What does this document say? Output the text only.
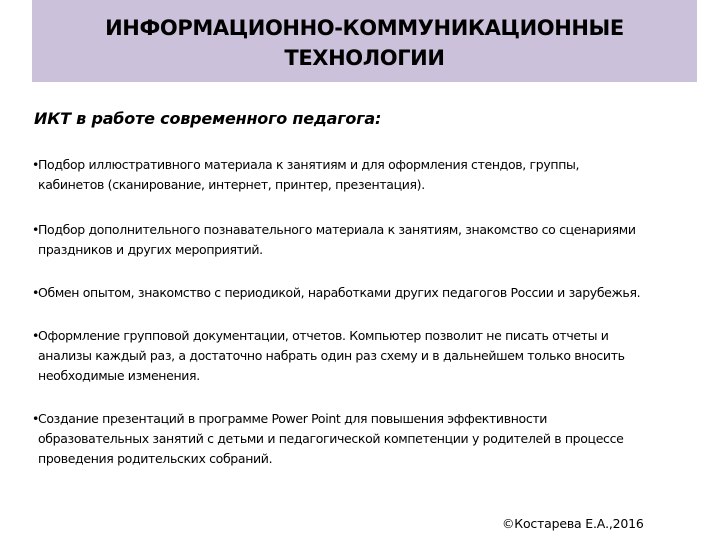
ИНФОРМАЦИОННО-КОММУНИКАЦИОННЫЕ
ТЕХНОЛОГИИ
ИКТ в работе современного педагога:
•
Подбор иллюстративного материала к занятиям и для оформления стендов, группы,
кабинетов (сканирование, интернет, принтер, презентация).
•
Подбор дополнительного познавательного материала к занятиям, знакомство со сценариями
праздников и других мероприятий.
•
Обмен опытом, знакомство с периодикой, наработками других педагогов России и зарубежья.
•
Оформление групповой документации, отчетов. Компьютер позволит не писать отчеты и
анализы каждый раз, а достаточно набрать один раз схему и в дальнейшем только вносить необходимые изменения.
•
Создание презентаций в программе Power Point для повышения эффективности
образовательных занятий с детьми и педагогической компетенции у родителей в процессе проведения родительских собраний.
©Костарева Е.А.,2016
